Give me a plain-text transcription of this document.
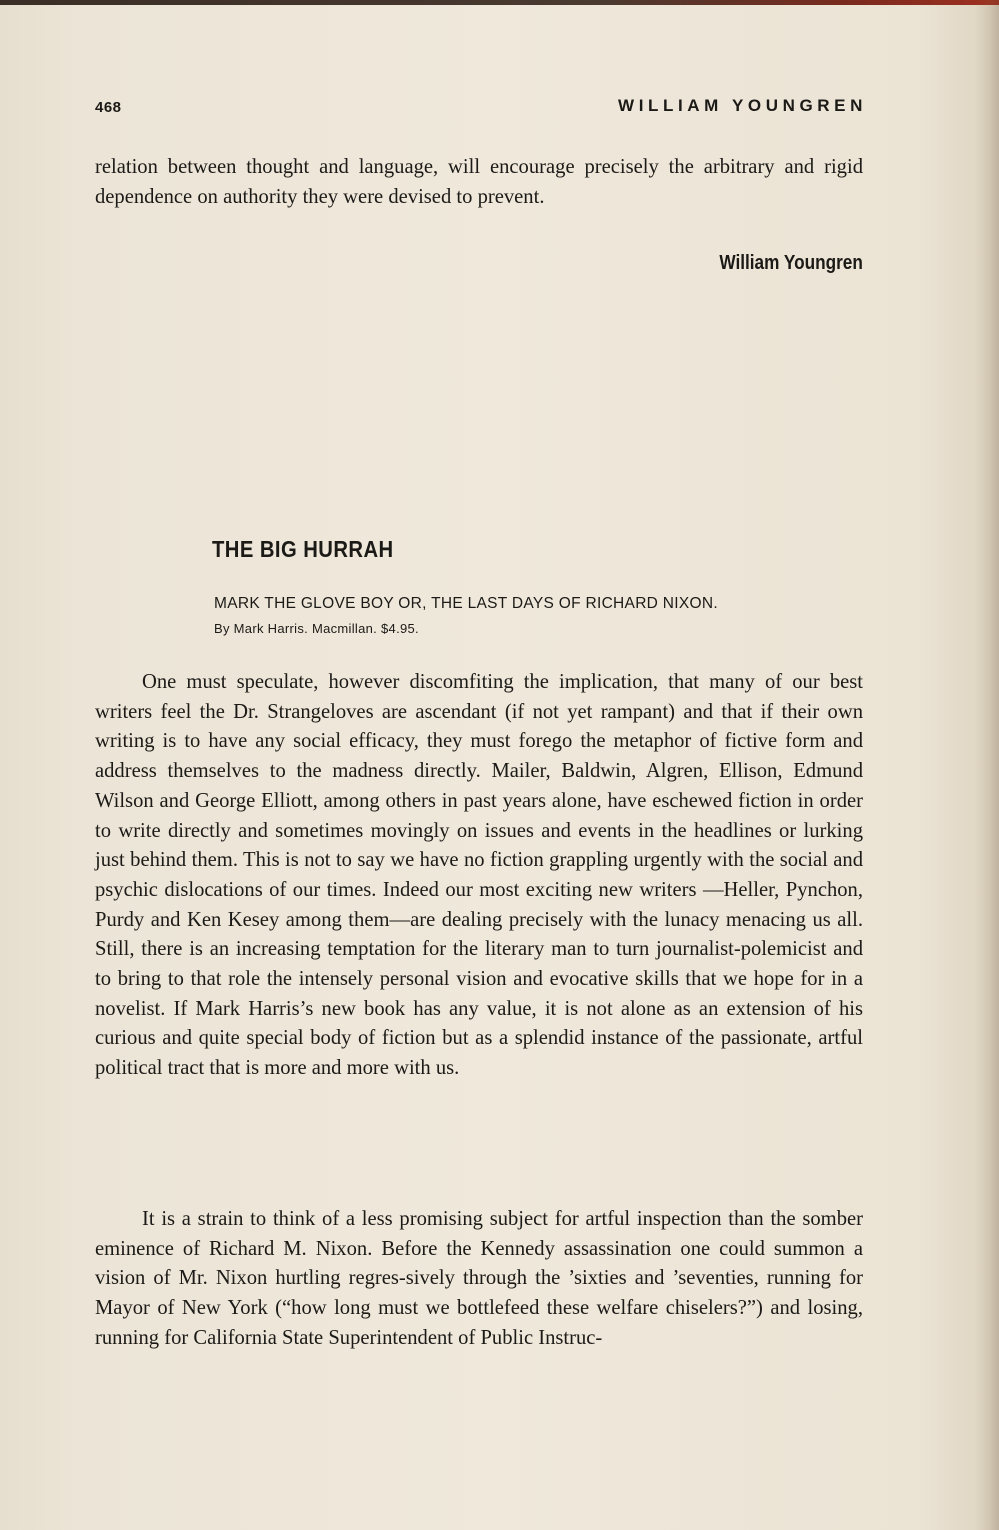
468	WILLIAM YOUNGREN
relation between thought and language, will encourage precisely the arbitrary and rigid dependence on authority they were devised to prevent.
William Youngren
THE BIG HURRAH
MARK THE GLOVE BOY OR, THE LAST DAYS OF RICHARD NIXON.
By Mark Harris. Macmillan. $4.95.
One must speculate, however discomfiting the implication, that many of our best writers feel the Dr. Strangeloves are ascendant (if not yet rampant) and that if their own writing is to have any social efficacy, they must forego the metaphor of fictive form and address themselves to the madness directly. Mailer, Baldwin, Algren, Ellison, Edmund Wilson and George Elliott, among others in past years alone, have eschewed fiction in order to write directly and sometimes movingly on issues and events in the headlines or lurking just behind them. This is not to say we have no fiction grappling urgently with the social and psychic dislocations of our times. Indeed our most exciting new writers —Heller, Pynchon, Purdy and Ken Kesey among them—are dealing precisely with the lunacy menacing us all. Still, there is an increasing temptation for the literary man to turn journalist-polemicist and to bring to that role the intensely personal vision and evocative skills that we hope for in a novelist. If Mark Harris’s new book has any value, it is not alone as an extension of his curious and quite special body of fiction but as a splendid instance of the passionate, artful political tract that is more and more with us.
It is a strain to think of a less promising subject for artful inspection than the somber eminence of Richard M. Nixon. Before the Kennedy assassination one could summon a vision of Mr. Nixon hurtling regres-sively through the ’sixties and ’seventies, running for Mayor of New York (“how long must we bottlefeed these welfare chiselers?”) and losing, running for California State Superintendent of Public Instruc-
